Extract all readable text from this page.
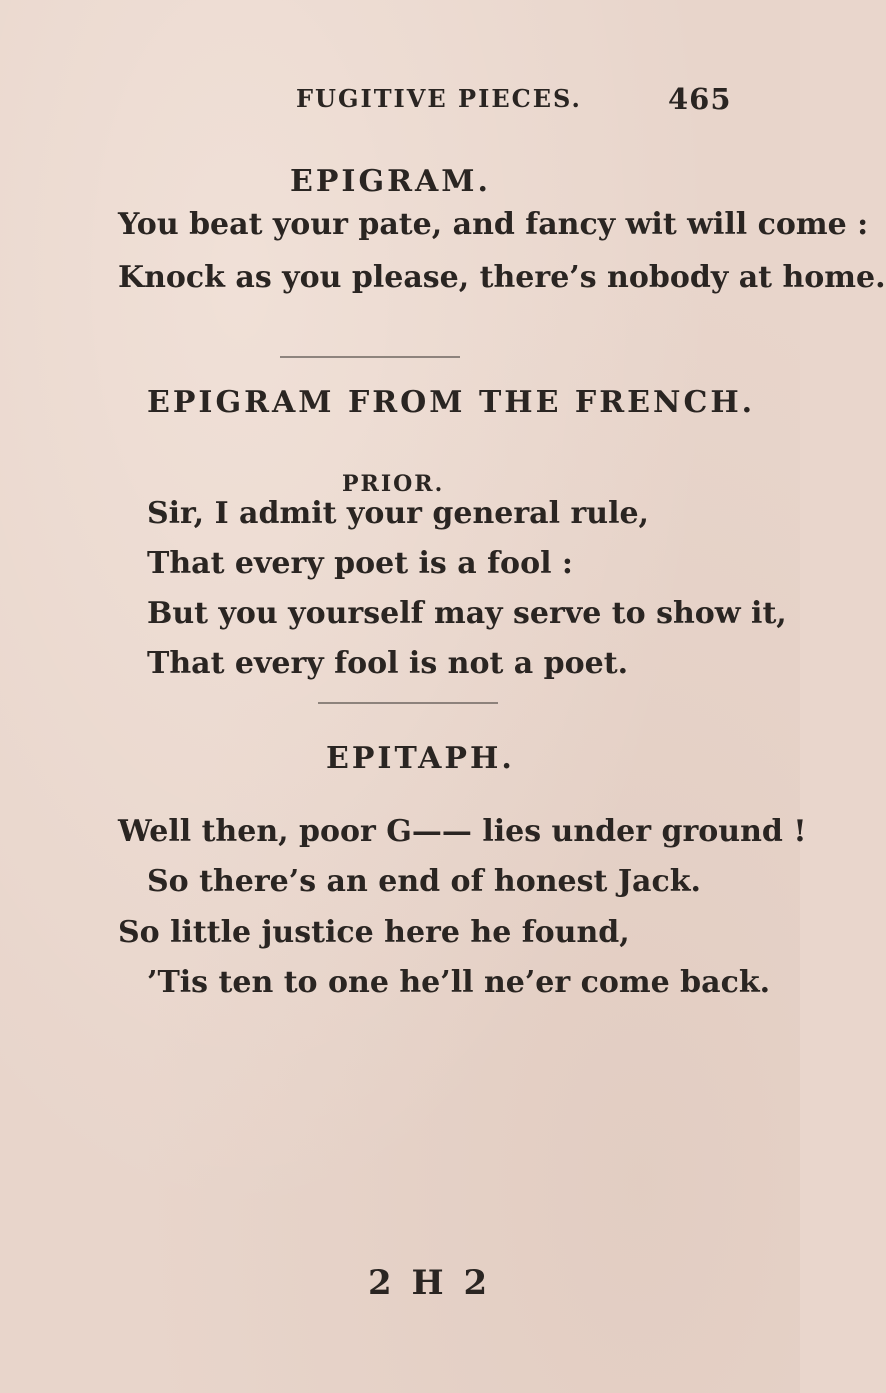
FUGITIVE PIECES.	465
EPIGRAM.
You beat your pate, and fancy wit will come :
Knock as you please, there’s nobody at home.
EPIGRAM FROM THE FRENCH.
PRIOR.
Sir, I admit your general rule,
That every poet is a fool :
But you yourself may serve to show it,
That every fool is not a poet.
EPITAPH.
Well then, poor G—— lies under ground !
So there’s an end of honest Jack.
So little justice here he found,
’Tis ten to one he’ll ne’er come back.
2 H 2
